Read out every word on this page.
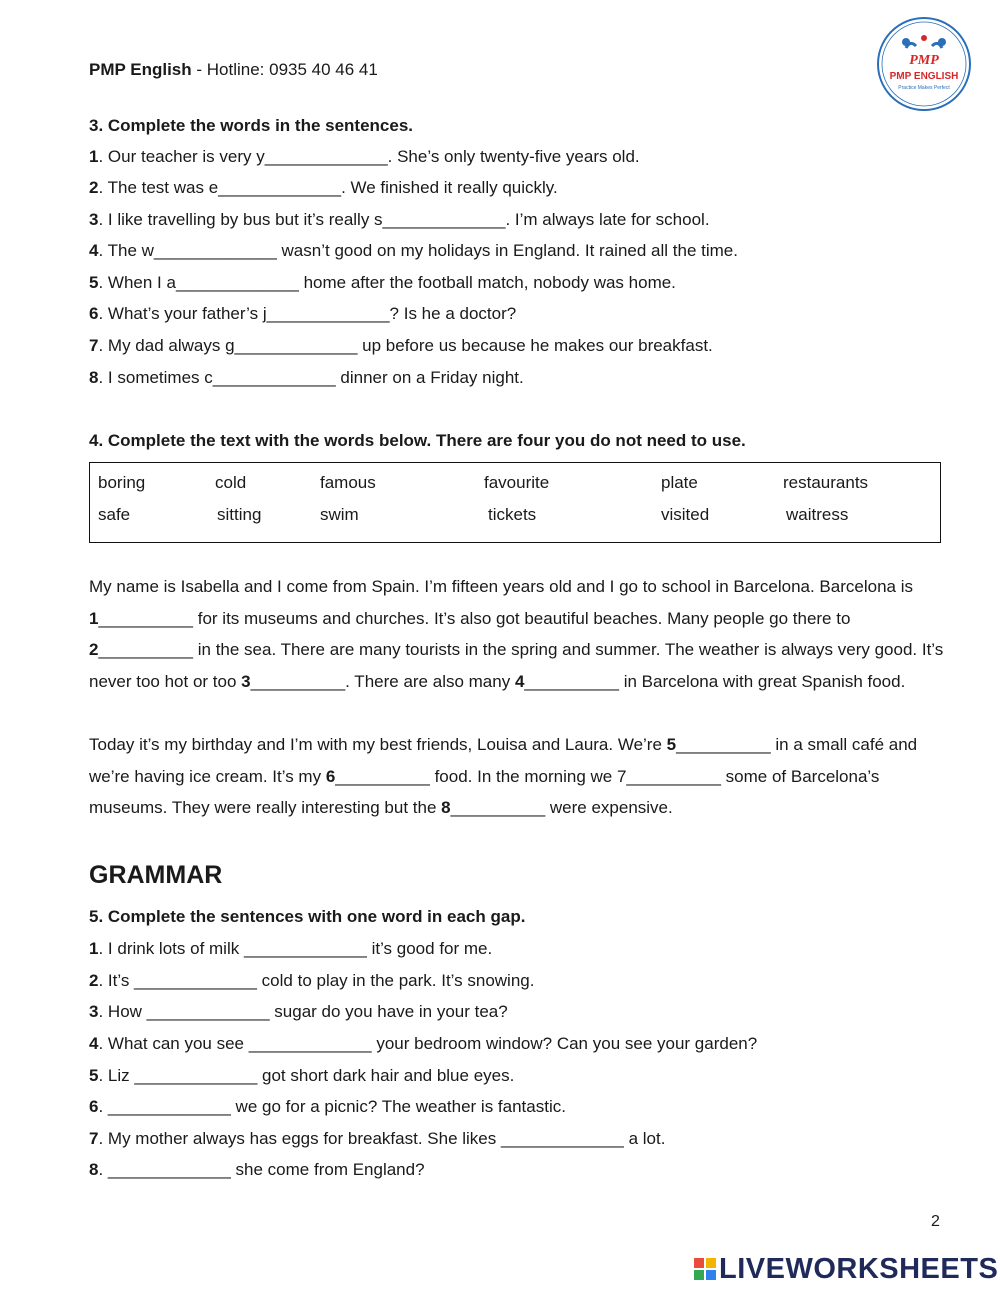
PMP English - Hotline: 0935 40 46 41	PMP
PMP ENGLISH
Practice Makes Perfect
3. Complete the words in the sentences.
1. Our teacher is very y_____________. She’s only twenty-five years old.
2. The test was e_____________. We finished it really quickly.
3. I like travelling by bus but it’s really s_____________. I’m always late for school.
4. The w_____________ wasn’t good on my holidays in England. It rained all the time.
5. When I a_____________ home after the football match, nobody was home.
6. What’s your father’s j_____________? Is he a doctor?
7. My dad always g_____________ up before us because he makes our breakfast.
8. I sometimes c_____________ dinner on a Friday night.
4. Complete the text with the words below. There are four you do not need to use.
boring	cold	famous	favourite	plate	restaurants
safe	sitting	swim	tickets	visited	waitress
My name is Isabella and I come from Spain. I’m fifteen years old and I go to school in Barcelona. Barcelona is 1__________ for its museums and churches. It’s also got beautiful beaches. Many people go there to 2__________ in the sea. There are many tourists in the spring and summer. The weather is always very good. It’s never too hot or too 3__________. There are also many 4__________ in Barcelona with great Spanish food.
Today it’s my birthday and I’m with my best friends, Louisa and Laura. We’re 5__________ in a small café and we’re having ice cream. It’s my 6__________ food. In the morning we 7__________ some of Barcelona’s museums. They were really interesting but the 8__________ were expensive.
GRAMMAR
5. Complete the sentences with one word in each gap.
1. I drink lots of milk _____________ it’s good for me.
2. It’s _____________ cold to play in the park. It’s snowing.
3. How _____________ sugar do you have in your tea?
4. What can you see _____________ your bedroom window? Can you see your garden?
5. Liz _____________ got short dark hair and blue eyes.
6. _____________ we go for a picnic? The weather is fantastic.
7. My mother always has eggs for breakfast. She likes _____________ a lot.
8. _____________ she come from England?
2
LIVEWORKSHEETS
